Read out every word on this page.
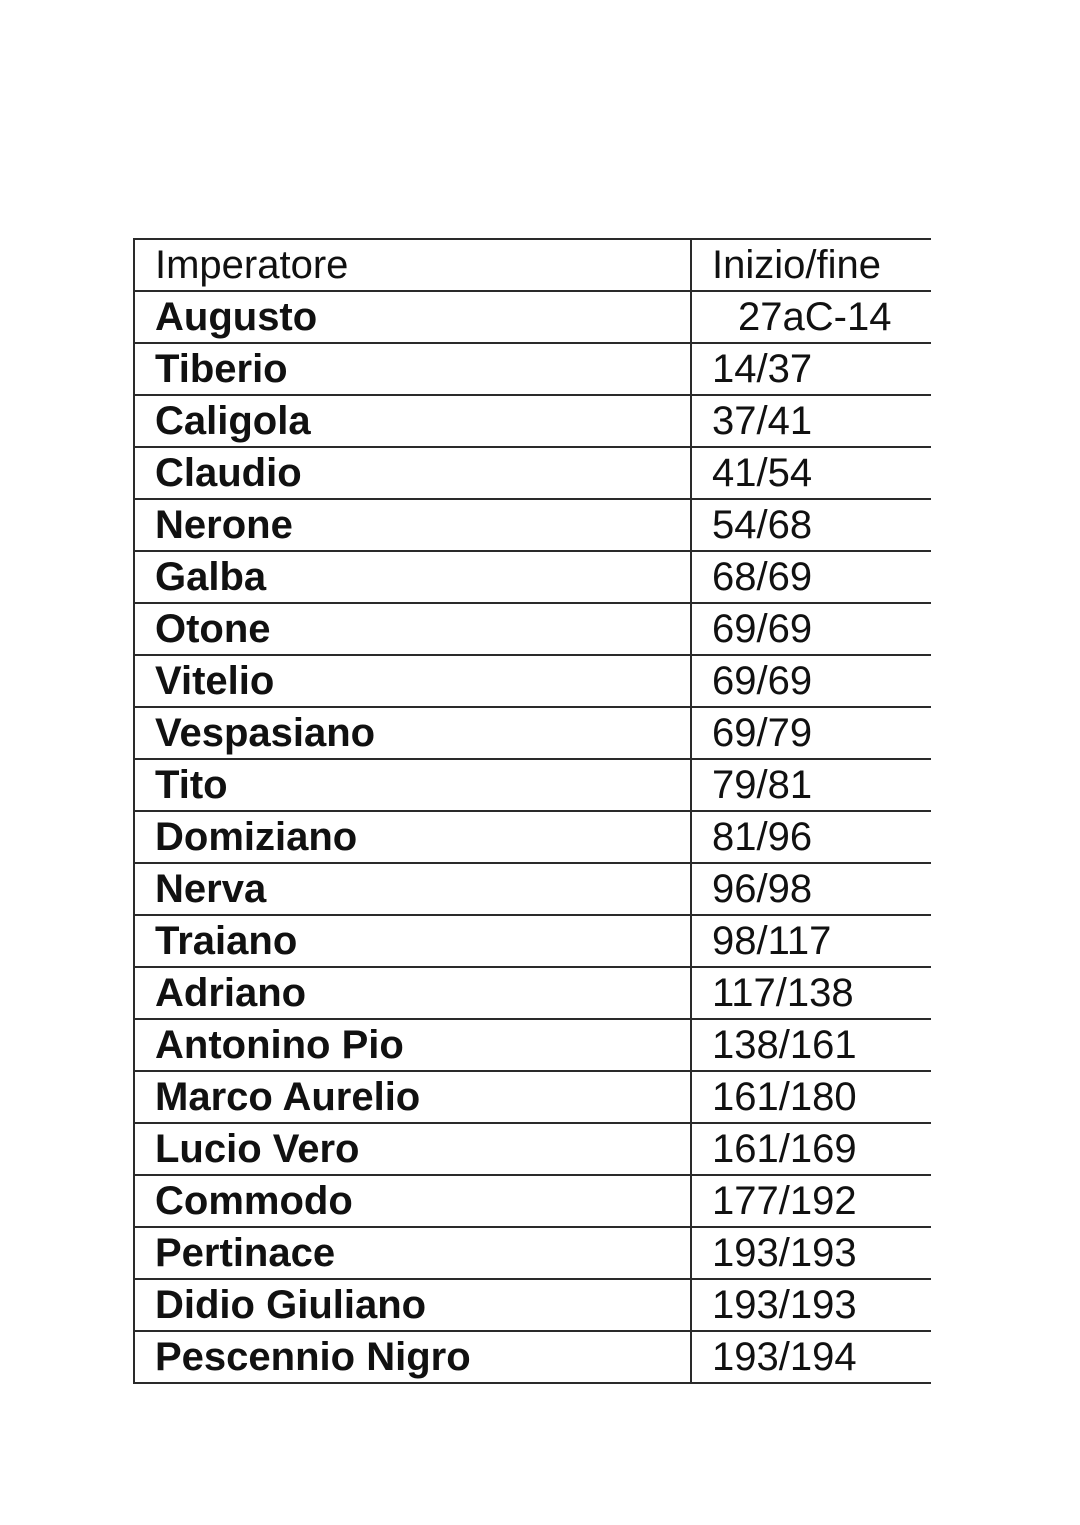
Imperatore	Inizio/fine
Augusto	27aC-14
Tiberio	14/37
Caligola	37/41
Claudio	41/54
Nerone	54/68
Galba	68/69
Otone	69/69
Vitelio	69/69
Vespasiano	69/79
Tito	79/81
Domiziano	81/96
Nerva	96/98
Traiano	98/117
Adriano	117/138
Antonino Pio	138/161
Marco Aurelio	161/180
Lucio Vero	161/169
Commodo	177/192
Pertinace	193/193
Didio Giuliano	193/193
Pescennio Nigro	193/194
